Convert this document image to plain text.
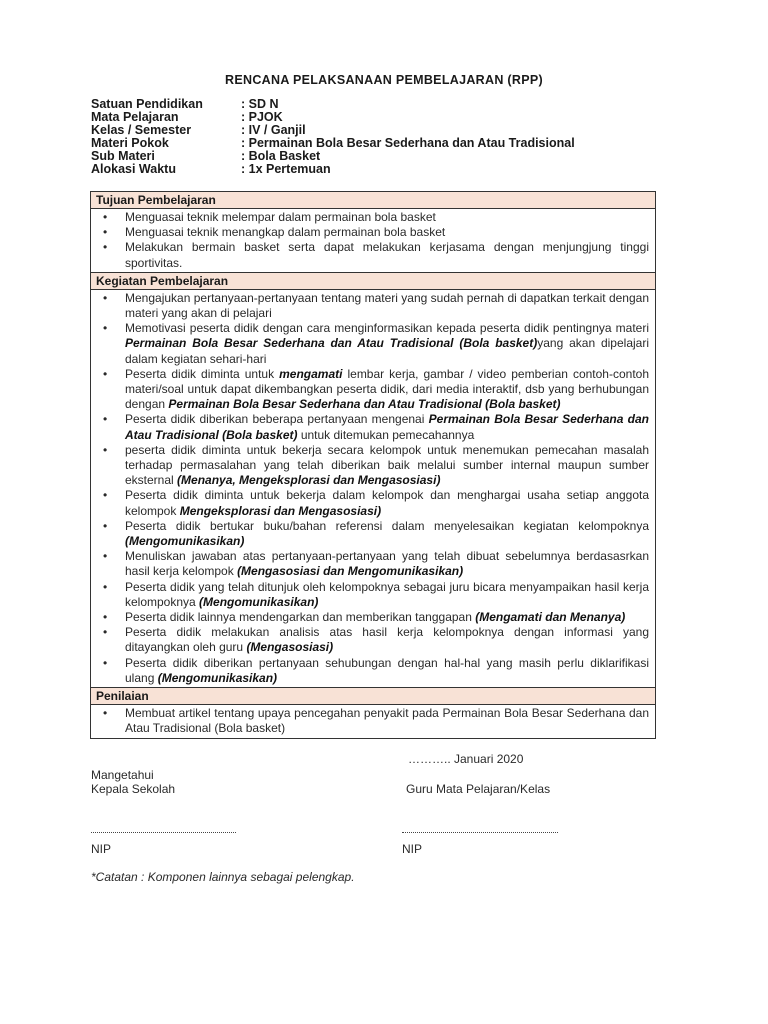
RENCANA PELAKSANAAN PEMBELAJARAN (RPP)
Satuan Pendidikan	: SD N
Mata Pelajaran	: PJOK
Kelas / Semester	: IV / Ganjil
Materi Pokok	: Permainan Bola Besar Sederhana dan Atau Tradisional
Sub Materi	: Bola Basket
Alokasi Waktu	: 1x Pertemuan
Tujuan Pembelajaran
• Menguasai teknik melempar dalam permainan bola basket
• Menguasai teknik menangkap dalam permainan bola basket
• Melakukan bermain basket serta dapat melakukan kerjasama dengan menjungjung tinggi sportivitas.
Kegiatan Pembelajaran
• Mengajukan pertanyaan-pertanyaan tentang materi yang sudah pernah di dapatkan terkait dengan materi yang akan di pelajari
• Memotivasi peserta didik dengan cara menginformasikan kepada peserta didik pentingnya materi Permainan Bola Besar Sederhana dan Atau Tradisional (Bola basket)yang akan dipelajari dalam kegiatan sehari-hari
• Peserta didik diminta untuk mengamati lembar kerja, gambar / video pemberian contoh-contoh materi/soal untuk dapat dikembangkan peserta didik, dari media interaktif, dsb yang berhubungan dengan Permainan Bola Besar Sederhana dan Atau Tradisional (Bola basket)
• Peserta didik diberikan beberapa pertanyaan mengenai Permainan Bola Besar Sederhana dan Atau Tradisional (Bola basket) untuk ditemukan pemecahannya
• peserta didik diminta untuk bekerja secara kelompok untuk menemukan pemecahan masalah terhadap permasalahan yang telah diberikan baik melalui sumber internal maupun sumber eksternal (Menanya, Mengeksplorasi dan Mengasosiasi)
• Peserta didik diminta untuk bekerja dalam kelompok dan menghargai usaha setiap anggota kelompok Mengeksplorasi dan Mengasosiasi)
• Peserta didik bertukar buku/bahan referensi dalam menyelesaikan kegiatan kelompoknya (Mengomunikasikan)
• Menuliskan jawaban atas pertanyaan-pertanyaan yang telah dibuat sebelumnya berdasasrkan hasil kerja kelompok (Mengasosiasi dan Mengomunikasikan)
• Peserta didik yang telah ditunjuk oleh kelompoknya sebagai juru bicara menyampaikan hasil kerja kelompoknya (Mengomunikasikan)
• Peserta didik lainnya mendengarkan dan memberikan tanggapan (Mengamati dan Menanya)
• Peserta didik melakukan analisis atas hasil kerja kelompoknya dengan informasi yang ditayangkan oleh guru (Mengasosiasi)
• Peserta didik diberikan pertanyaan sehubungan dengan hal-hal yang masih perlu diklarifikasi ulang (Mengomunikasikan)
Penilaian
• Membuat artikel tentang upaya pencegahan penyakit pada Permainan Bola Besar Sederhana dan Atau Tradisional (Bola basket)
……….. Januari 2020
Mangetahui
Kepala Sekolah	Guru Mata Pelajaran/Kelas
NIP	NIP
*Catatan : Komponen lainnya sebagai pelengkap.
